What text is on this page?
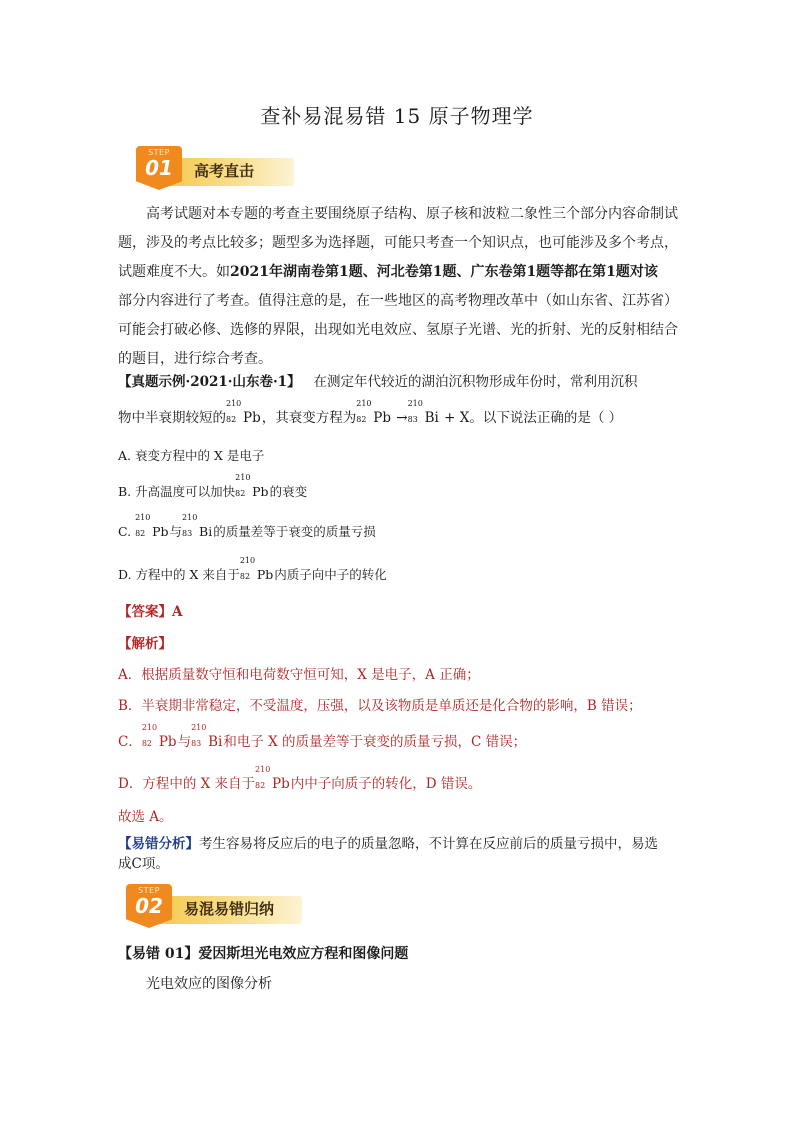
查补易混易错 15 原子物理学
STEP
01	高考直击
高考试题对本专题的考查主要围绕原子结构、原子核和波粒二象性三个部分内容命制试
题，涉及的考点比较多；题型多为选择题，可能只考查一个知识点，也可能涉及多个考点，
试题难度不大。如2021年湖南卷第1题、河北卷第1题、广东卷第1题等都在第1题对该
部分内容进行了考查。值得注意的是，在一些地区的高考物理改革中（如山东省、江苏省）
可能会打破必修、选修的界限，出现如光电效应、氢原子光谱、光的折射、光的反射相结合
的题目，进行综合考查。
【真题示例·2021·山东卷·1】 在测定年代较近的湖泊沉积物形成年份时，常利用沉积
物中半衰期较短的
210
82 Pb，其衰变方程为
210
82 Pb →
210
83 Bi + X。以下说法正确的是（ ）
A. 衰变方程中的 X 是电子
B. 升高温度可以加快
210
82 Pb的衰变
C.
210
82 Pb与
210
83 Bi的质量差等于衰变的质量亏损
D. 方程中的 X 来自于
210
82 Pb内质子向中子的转化
【答案】A
【解析】
A．根据质量数守恒和电荷数守恒可知，X 是电子，A 正确；
B．半衰期非常稳定，不受温度，压强，以及该物质是单质还是化合物的影响，B 错误；
C．
210
82 Pb与
210
83 Bi和电子 X 的质量差等于衰变的质量亏损，C 错误；
D．方程中的 X 来自于
210
82 Pb内中子向质子的转化，D 错误。
故选 A。
【易错分析】考生容易将反应后的电子的质量忽略，不计算在反应前后的质量亏损中，易选
成C项。
STEP
02	易混易错归纳
【易错 01】爱因斯坦光电效应方程和图像问题
光电效应的图像分析
